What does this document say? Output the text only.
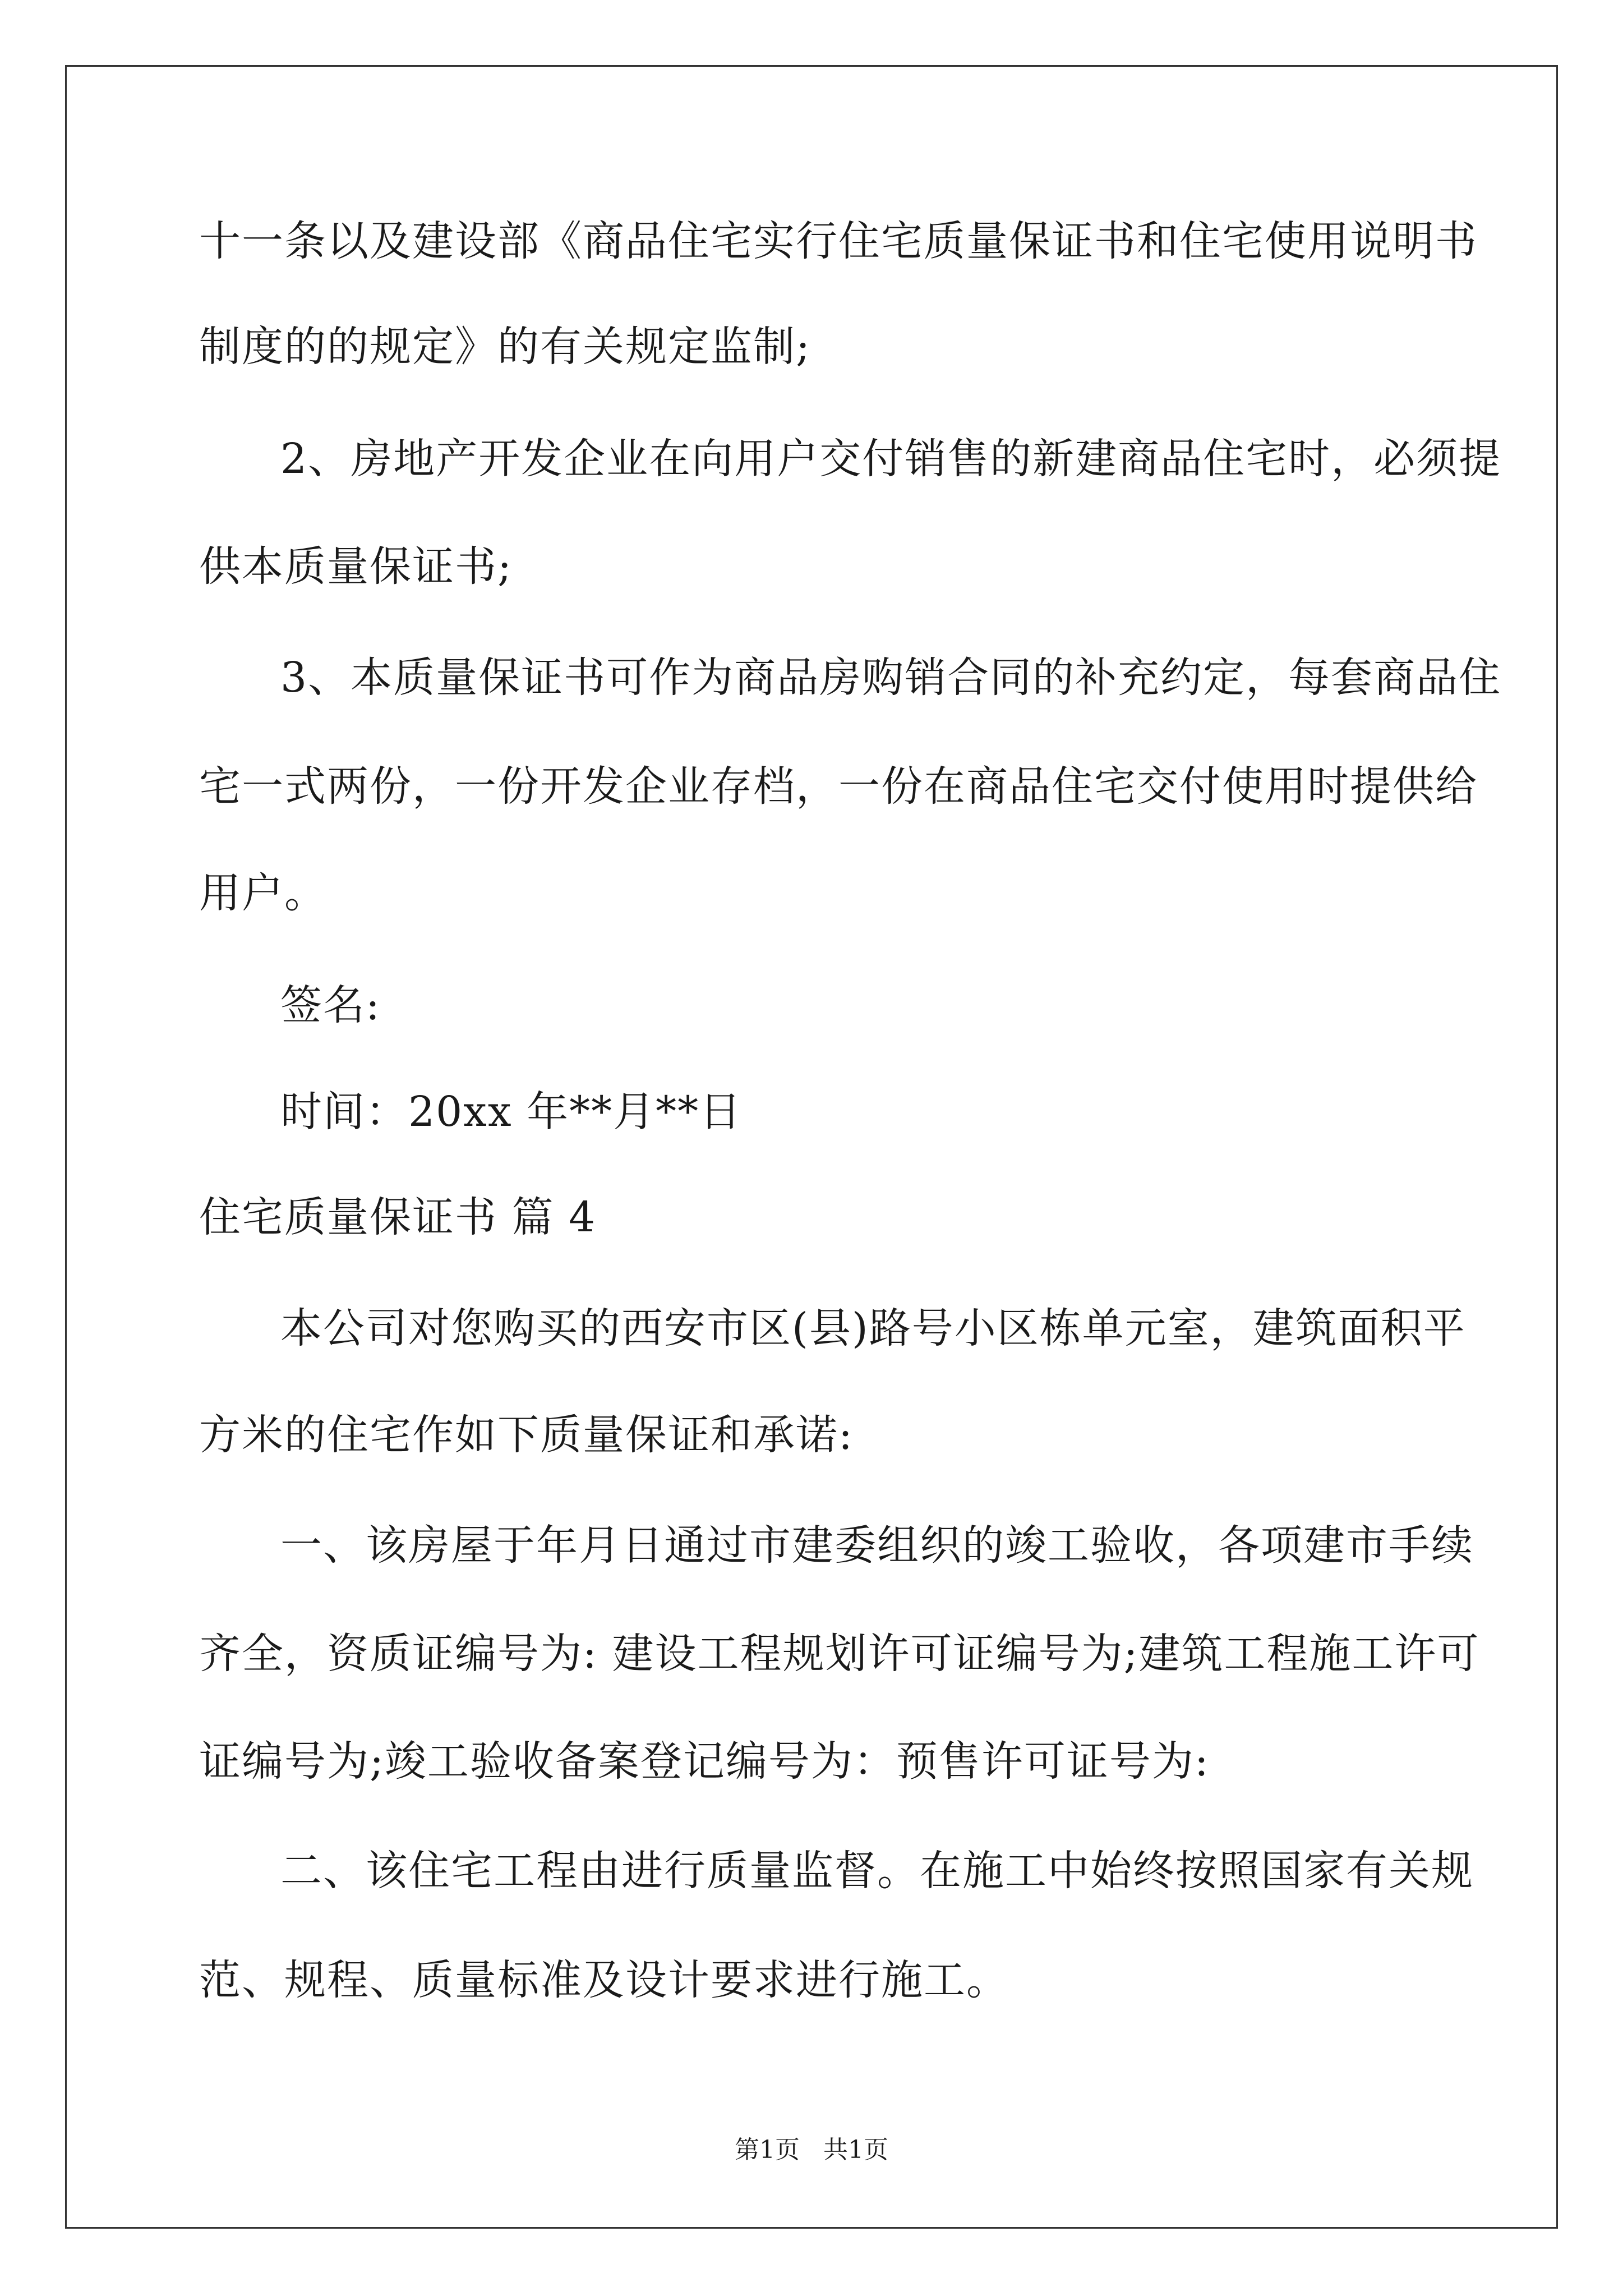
十一条以及建设部《商品住宅实行住宅质量保证书和住宅使用说明书
制度的的规定》的有关规定监制;
2、房地产开发企业在向用户交付销售的新建商品住宅时，必须提
供本质量保证书;
3、本质量保证书可作为商品房购销合同的补充约定，每套商品住
宅一式两份，一份开发企业存档，一份在商品住宅交付使用时提供给
用户。
签名:
时间：20xx 年**月**日
住宅质量保证书 篇 4
本公司对您购买的西安市区(县)路号小区栋单元室，建筑面积平
方米的住宅作如下质量保证和承诺:
一、该房屋于年月日通过市建委组织的竣工验收，各项建市手续
齐全，资质证编号为: 建设工程规划许可证编号为;建筑工程施工许可
证编号为;竣工验收备案登记编号为：预售许可证号为:
二、该住宅工程由进行质量监督。在施工中始终按照国家有关规
范、规程、质量标准及设计要求进行施工。
第1页   共1页
